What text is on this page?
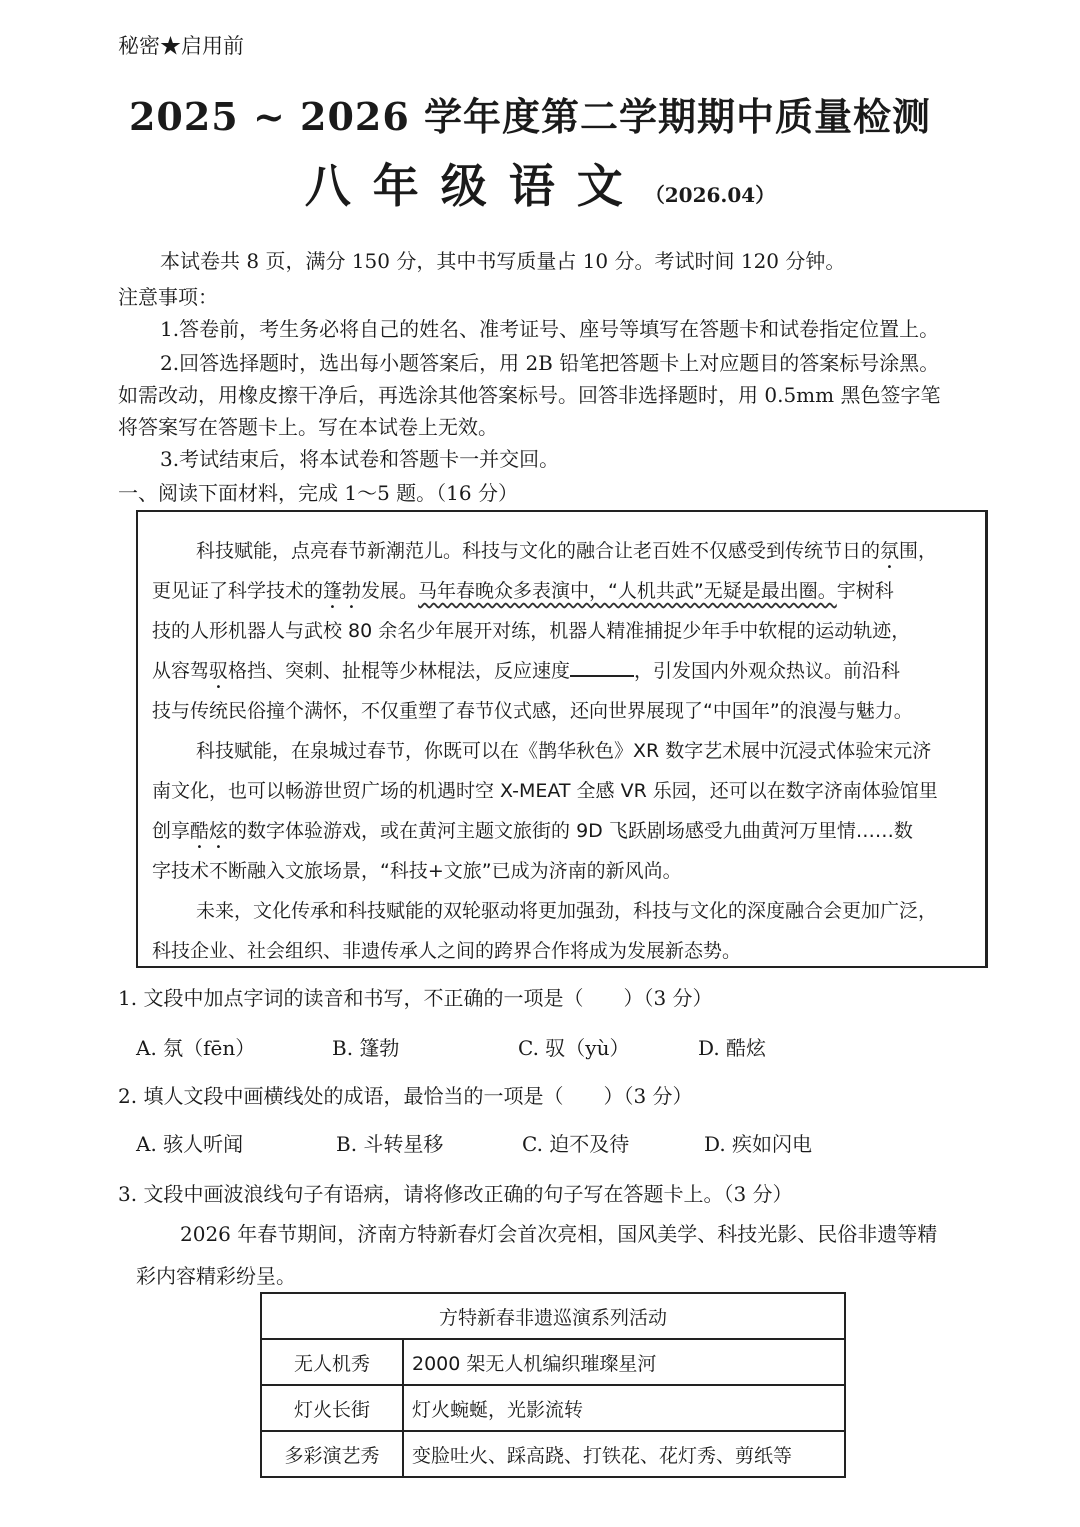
秘密★启用前
2025 ~ 2026 学年度第二学期期中质量检测
八年级语文（2026.04）
本试卷共 8 页，满分 150 分，其中书写质量占 10 分。考试时间 120 分钟。
注意事项：
1.答卷前，考生务必将自己的姓名、准考证号、座号等填写在答题卡和试卷指定位置上。
2.回答选择题时，选出每小题答案后，用 2B 铅笔把答题卡上对应题目的答案标号涂黑。
如需改动，用橡皮擦干净后，再选涂其他答案标号。回答非选择题时，用 0.5mm 黑色签字笔
将答案写在答题卡上。写在本试卷上无效。
3.考试结束后，将本试卷和答题卡一并交回。
一、阅读下面材料，完成 1～5 题。（16 分）
科技赋能，点亮春节新潮范儿。科技与文化的融合让老百姓不仅感受到传统节日的氛围，
更见证了科学技术的篷勃发展。马年春晚众多表演中，“人机共武”无疑是最出圈。宇树科
技的人形机器人与武校 80 余名少年展开对练，机器人精准捕捉少年手中软棍的运动轨迹，
从容驾驭格挡、突刺、扯棍等少林棍法，反应速度	，引发国内外观众热议。前沿科
技与传统民俗撞个满怀，不仅重塑了春节仪式感，还向世界展现了“中国年”的浪漫与魅力。
科技赋能，在泉城过春节，你既可以在《鹊华秋色》XR 数字艺术展中沉浸式体验宋元济
南文化，也可以畅游世贸广场的机遇时空 X-MEAT 全感 VR 乐园，还可以在数字济南体验馆里
创享酷炫的数字体验游戏，或在黄河主题文旅街的 9D 飞跃剧场感受九曲黄河万里情……数
字技术不断融入文旅场景，“科技+文旅”已成为济南的新风尚。
未来，文化传承和科技赋能的双轮驱动将更加强劲，科技与文化的深度融合会更加广泛，
科技企业、社会组织、非遗传承人之间的跨界合作将成为发展新态势。
1. 文段中加点字词的读音和书写，不正确的一项是（　　）（3 分）
A. 氛（fēn）	B. 篷勃	C. 驭（yù）	D. 酷炫
2. 填人文段中画横线处的成语，最恰当的一项是（　　）（3 分）
A. 骇人听闻	B. 斗转星移	C. 迫不及待	D. 疾如闪电
3. 文段中画波浪线句子有语病，请将修改正确的句子写在答题卡上。（3 分）
2026 年春节期间，济南方特新春灯会首次亮相，国风美学、科技光影、民俗非遗等精
彩内容精彩纷呈。
方特新春非遗巡演系列活动	
无人机秀	2000 架无人机编织璀璨星河
灯火长街	灯火蜿蜒，光影流转
多彩演艺秀	变脸吐火、踩高跷、打铁花、花灯秀、剪纸等
